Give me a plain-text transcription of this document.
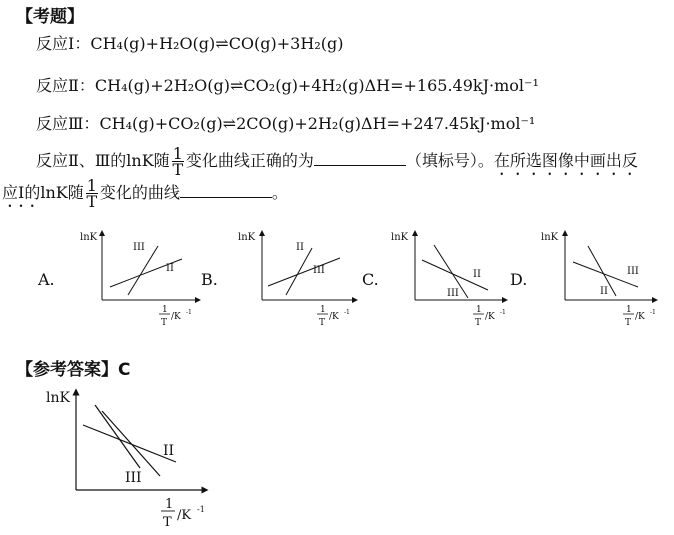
【考题】
反应Ⅰ：CH₄(g)+H₂O(g)⇌CO(g)+3H₂(g)
反应Ⅱ：CH₄(g)+2H₂O(g)⇌CO₂(g)+4H₂(g)ΔH=+165.49kJ·mol⁻¹
反应Ⅲ：CH₄(g)+CO₂(g)⇌2CO(g)+2H₂(g)ΔH=+247.45kJ·mol⁻¹
反应Ⅱ、Ⅲ的lnK随 $\frac{1}{T}$ 变化曲线正确的为	（填标号）。在所选图像中画出反
应Ⅰ的lnK随 $\frac{1}{T}$ 变化的曲线	。
A.	B.	C.	D.
lnK
III
II
1
T
/K -1
lnK
II
III
1
T
/K -1
lnK
II
III
1
T
/K -1
lnK
III
II
1
T
/K -1
lnK
II
III
1
T /K -1
【参考答案】C
